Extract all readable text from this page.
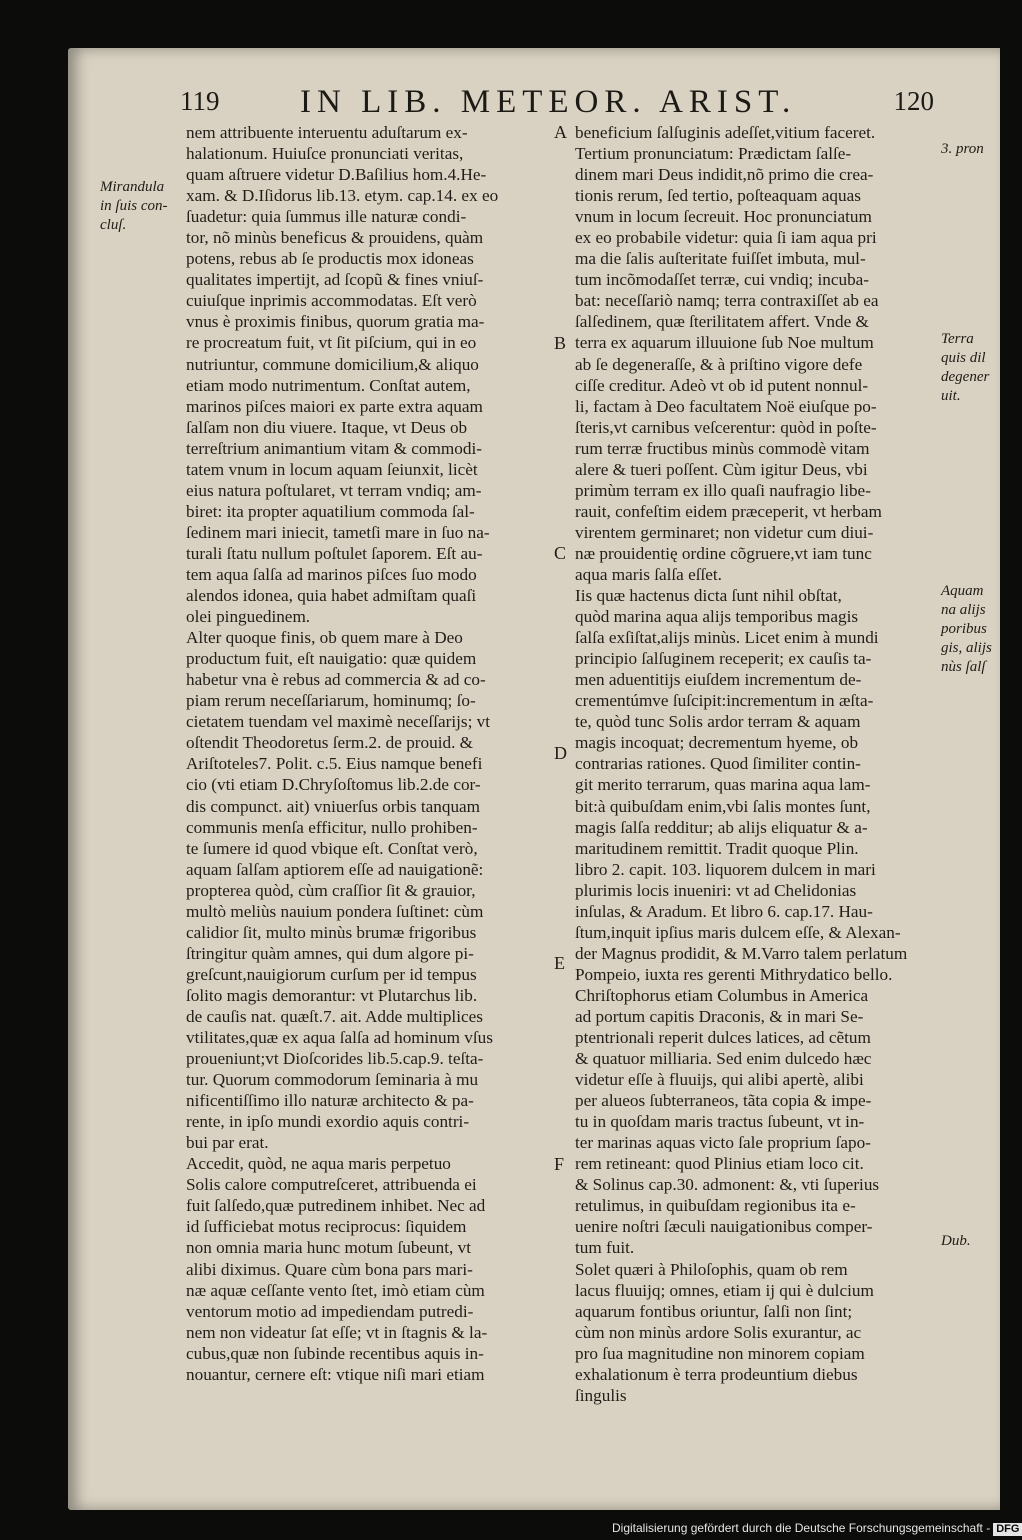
119 IN LIB. METEOR. ARIST.	120
nem attribuente interuentu aduſtarum ex-
halationum. Huiuſce pronunciati veritas,
quam aſtruere videtur D.Baſilius hom.4.He-
xam. & D.Iſidorus lib.13. etym. cap.14. ex eo
ſuadetur: quia ſummus ille naturæ condi-
tor, nõ minùs beneficus & prouidens, quàm
potens, rebus ab ſe productis mox idoneas
qualitates impertijt, ad ſcopũ & fines vniuſ-
cuiuſque inprimis accommodatas. Eſt verò
vnus è proximis finibus, quorum gratia ma-
re procreatum fuit, vt ſit piſcium, qui in eo
nutriuntur, commune domicilium,& aliquo
etiam modo nutrimentum. Conſtat autem,
marinos piſces maiori ex parte extra aquam
ſalſam non diu viuere. Itaque, vt Deus ob
terreſtrium animantium vitam & commodi-
tatem vnum in locum aquam ſeiunxit, licèt
eius natura poſtularet, vt terram vndiq; am-
biret: ita propter aquatilium commoda ſal-
ſedinem mari iniecit, tametſi mare in ſuo na-
turali ſtatu nullum poſtulet ſaporem. Eſt au-
tem aqua ſalſa ad marinos piſces ſuo modo
alendos idonea, quia habet admiſtam quaſi
olei pinguedinem.
Alter quoque finis, ob quem mare à Deo
productum fuit, eſt nauigatio: quæ quidem
habetur vna è rebus ad commercia & ad co-
piam rerum neceſſariarum, hominumq; ſo-
cietatem tuendam vel maximè neceſſarijs; vt
oſtendit Theodoretus ſerm.2. de prouid. &
Ariſtoteles7. Polit. c.5. Eius namque benefi
cio (vti etiam D.Chryſoſtomus lib.2.de cor-
dis compunct. ait) vniuerſus orbis tanquam
communis menſa efficitur, nullo prohiben-
te ſumere id quod vbique eſt. Conſtat verò,
aquam ſalſam aptiorem eſſe ad nauigationẽ:
propterea quòd, cùm craſſior ſit & grauior,
multò meliùs nauium pondera ſuſtinet: cùm
calidior ſit, multo minùs brumæ frigoribus
ſtringitur quàm amnes, qui dum algore pi-
greſcunt,nauigiorum curſum per id tempus
ſolito magis demorantur: vt Plutarchus lib.
de cauſis nat. quæſt.7. ait. Adde multiplices
vtilitates,quæ ex aqua ſalſa ad hominum vſus
proueniunt;vt Dioſcorides lib.5.cap.9. teſta-
tur. Quorum commodorum ſeminaria à mu
nificentiſſimo illo naturæ architecto & pa-
rente, in ipſo mundi exordio aquis contri-
bui par erat.
Accedit, quòd, ne aqua maris perpetuo
Solis calore computreſceret, attribuenda ei
fuit ſalſedo,quæ putredinem inhibet. Nec ad
id ſufficiebat motus reciprocus: ſiquidem
non omnia maria hunc motum ſubeunt, vt
alibi diximus. Quare cùm bona pars mari-
næ aquæ ceſſante vento ſtet, imò etiam cùm
ventorum motio ad impediendam putredi-
nem non videatur ſat eſſe; vt in ſtagnis & la-
cubus,quæ non ſubinde recentibus aquis in-
nouantur, cernere eſt: vtique niſi mari etiam
beneficium ſalſuginis adeſſet,vitium faceret.
Tertium pronunciatum: Prædictam ſalſe-
dinem mari Deus indidit,nõ primo die crea-
tionis rerum, ſed tertio, poſteaquam aquas
vnum in locum ſecreuit. Hoc pronunciatum
ex eo probabile videtur: quia ſi iam aqua pri
ma die ſalis auſteritate fuiſſet imbuta, mul-
tum incõmodaſſet terræ, cui vndiq; incuba-
bat: neceſſariò namq; terra contraxiſſet ab ea
ſalſedinem, quæ ſterilitatem affert. Vnde &
terra ex aquarum illuuione ſub Noe multum
ab ſe degeneraſſe, & à priſtino vigore defe
ciſſe creditur. Adeò vt ob id putent nonnul-
li, factam à Deo facultatem Noë eiuſque po-
ſteris,vt carnibus veſcerentur: quòd in poſte-
rum terræ fructibus minùs commodè vitam
alere & tueri poſſent. Cùm igitur Deus, vbi
primùm terram ex illo quaſi naufragio libe-
rauit, confeſtim eidem præceperit, vt herbam
virentem germinaret; non videtur cum diui-
næ prouidentię ordine cõgruere,vt iam tunc
aqua maris ſalſa eſſet.
Iis quæ hactenus dicta ſunt nihil obſtat,
quòd marina aqua alijs temporibus magis
ſalſa exſiſtat,alijs minùs. Licet enim à mundi
principio ſalſuginem receperit; ex cauſis ta-
men aduentitijs eiuſdem incrementum de-
crementúmve ſuſcipit:incrementum in æſta-
te, quòd tunc Solis ardor terram & aquam
magis incoquat; decrementum hyeme, ob
contrarias rationes. Quod ſimiliter contin-
git merito terrarum, quas marina aqua lam-
bit:à quibuſdam enim,vbi ſalis montes ſunt,
magis ſalſa redditur; ab alijs eliquatur & a-
maritudinem remittit. Tradit quoque Plin.
libro 2. capit. 103. liquorem dulcem in mari
plurimis locis inueniri: vt ad Chelidonias
inſulas, & Aradum. Et libro 6. cap.17. Hau-
ſtum,inquit ipſius maris dulcem eſſe, & Alexan-
der Magnus prodidit, & M.Varro talem perlatum
Pompeio, iuxta res gerenti Mithrydatico bello.
Chriſtophorus etiam Columbus in America
ad portum capitis Draconis, & in mari Se-
ptentrionali reperit dulces latices, ad cẽtum
& quatuor milliaria. Sed enim dulcedo hæc
videtur eſſe à fluuijs, qui alibi apertè, alibi
per alueos ſubterraneos, tãta copia & impe-
tu in quoſdam maris tractus ſubeunt, vt in-
ter marinas aquas victo ſale proprium ſapo-
rem retineant: quod Plinius etiam loco cit.
& Solinus cap.30. admonent: &, vti ſuperius
retulimus, in quibuſdam regionibus ita e-
uenire noſtri ſæculi nauigationibus comper-
tum fuit.
Solet quæri à Philoſophis, quam ob rem
lacus fluuijq; omnes, etiam ij qui è dulcium
aquarum fontibus oriuntur, ſalſi non ſint;
cùm non minùs ardore Solis exurantur, ac
pro ſua magnitudine non minorem copiam
exhalationum è terra prodeuntium diebus
ſingulis
Mirandula
in ſuis con-
cluſ.
3. pron
Terra
quis dil
degener
uit.
Aquam
na alijs
poribus
gis, alijs
nùs ſalſ
Dub.
A
B
C
D
E
F
Digitalisierung gefördert durch die Deutsche Forschungsgemeinschaft - DFG
